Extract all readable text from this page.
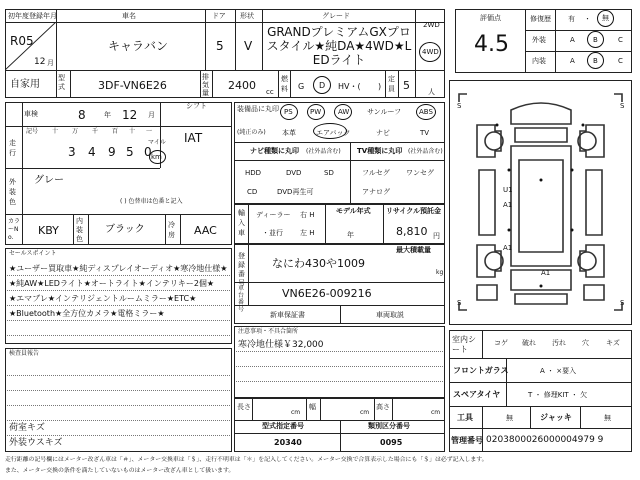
初年度登録年月	車名	ドア 形状	グレード
R05
12 月
キャラバン	5 V
GRANDプレミアムGXプロスタイル★純DA★4WD★LEDライト
2WD
4WD
自家用
型式	3DF-VN6E26
排気量
2400 cc
燃料 G D HV・( )
定員 5	人
評価点
4.5
修復歴 有 ・ 無
外装	A	B	C
内装	A	B	C
車検	8	年 12 月
シフト
IAT
走行
記号 十 万 千 百 十 一
3 4 9 5 0
マイル
km
外装色
グレー
( ) 色替車は色番と記入
カラーNo.
KBY
内装色
ブラック	冷房 AAC
装備品に丸印
(純正のみ)
PS PW AW	サンルーフ	ABS
本革	エアバック	ナビ	TV
ナビ種類に丸印 (社外品含む) TV種類に丸印 (社外品含む)
HDD	DVD	SD
CD	DVD再生可
フルセグ ワンセグ
アナログ
輸入車
ディーラー
・並行
右 H
左 H
モデル年式
年
リサイクル預託金
8,810 円
最大積載量
kg
登録番号
なにわ430や1009
車台番号
VN6E26-009216
新車保証書	車両取説
セールスポイント
★ユーザー買取車★純ディスプレイオーディオ★寒冷地仕様★
★純AW★LEDライト★オートライト★インテリキー2個★
★エマブレ★インテリジェントルームミラー★ETC★
★Bluetooth★全方位カメラ★電格ミラー★
検査員報告
荷室キズ
外装ウスキズ
注意事項・不具合箇所
寒冷地仕様￥32,000
長さ
cm
幅
cm
高さ
cm
型式指定番号	類別区分番号
20340	0095
S	S
S	S
U1
A1
A1
A1
室内シート
コゲ 破れ 汚れ 穴 キズ
フロントガラス	A ・ ×要入
スペアタイヤ	T ・ 修理KIT ・ 欠
工具	無	ジャッキ	無
管理番号 0203800026000004979 9
走行距離の記号欄にはメーター改ざん車は「＃」、メーター交換車は「＄」、走行不明車は「＊」を記入してください。メーター交換で合算表示した場合にも「＄」は必ず記入します。
また、メーター交換の条件を満たしていないものはメーター改ざん車として扱います。
